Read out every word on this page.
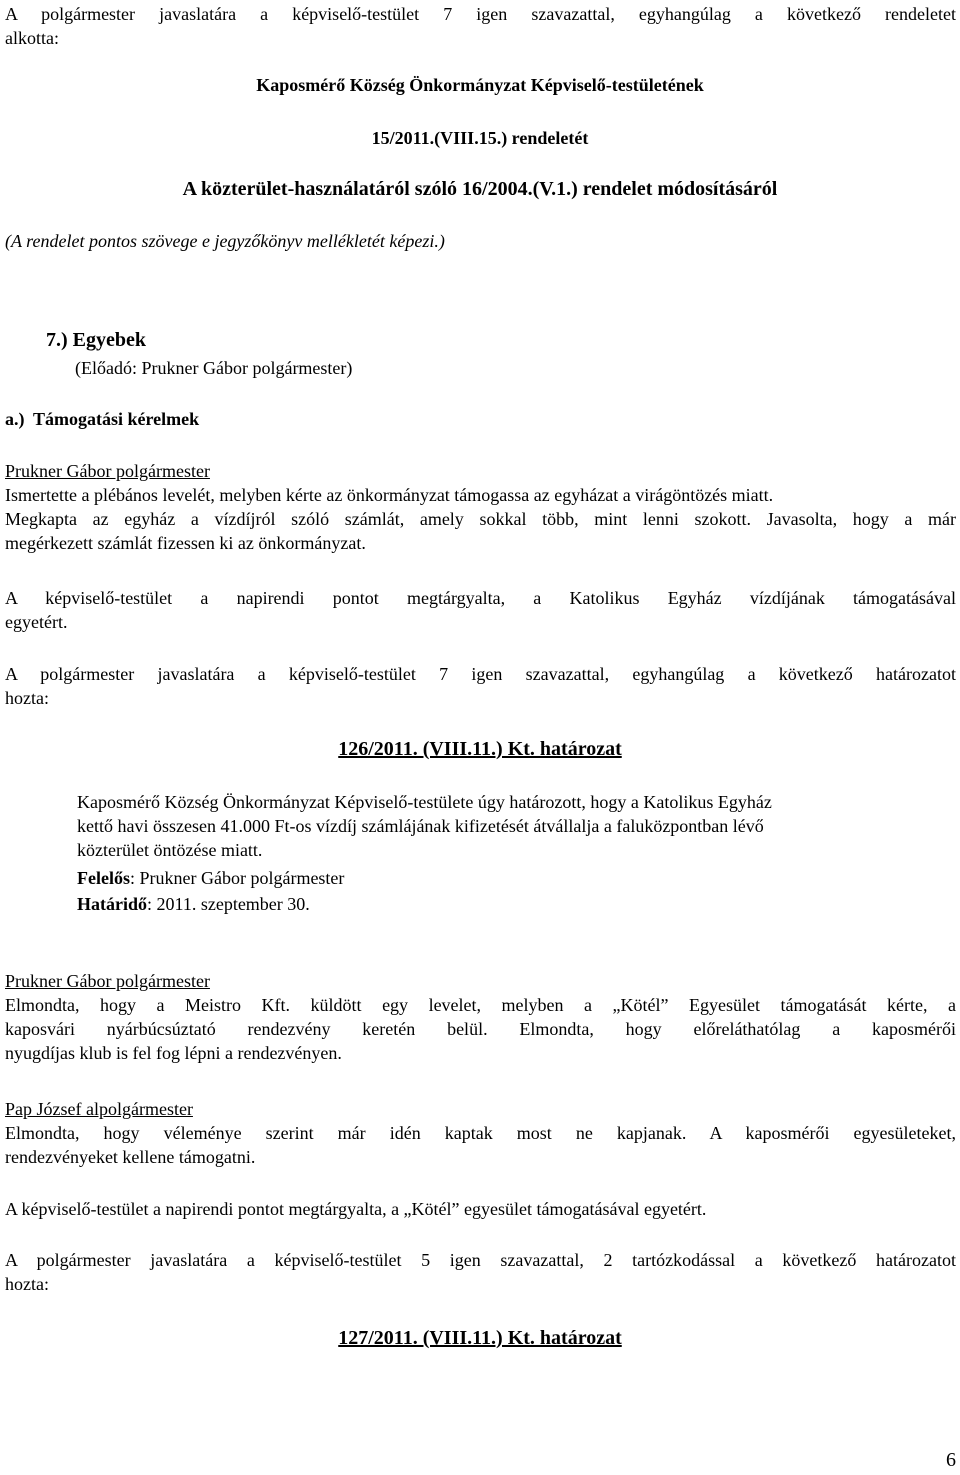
A polgármester javaslatára a képviselő-testület 7 igen szavazattal, egyhangúlag a következő rendeletet
alkotta:
Kaposmérő Község Önkormányzat Képviselő-testületének
15/2011.(VIII.15.) rendeletét
A közterület-használatáról szóló 16/2004.(V.1.) rendelet módosításáról
(A rendelet pontos szövege e jegyzőkönyv mellékletét képezi.)
7.) Egyebek
(Előadó: Prukner Gábor polgármester)
a.) Támogatási kérelmek
Prukner Gábor polgármester
Ismertette a plébános levelét, melyben kérte az önkormányzat támogassa az egyházat a virágöntözés miatt.
Megkapta az egyház a vízdíjról szóló számlát, amely sokkal több, mint lenni szokott. Javasolta, hogy a már
megérkezett számlát fizessen ki az önkormányzat.
A képviselő-testület a napirendi pontot megtárgyalta, a Katolikus Egyház vízdíjának támogatásával
egyetért.
A polgármester javaslatára a képviselő-testület 7 igen szavazattal, egyhangúlag a következő határozatot
hozta:
126/2011. (VIII.11.) Kt. határozat
Kaposmérő Község Önkormányzat Képviselő-testülete úgy határozott, hogy a Katolikus Egyház
kettő havi összesen 41.000 Ft-os vízdíj számlájának kifizetését átvállalja a faluközpontban lévő
közterület öntözése miatt.
Felelős: Prukner Gábor polgármester
Határidő: 2011. szeptember 30.
Prukner Gábor polgármester
Elmondta, hogy a Meistro Kft. küldött egy levelet, melyben a „Kötél” Egyesület támogatását kérte, a
kaposvári nyárbúcsúztató rendezvény keretén belül. Elmondta, hogy előreláthatólag a kaposmérői
nyugdíjas klub is fel fog lépni a rendezvényen.
Pap József alpolgármester
Elmondta, hogy véleménye szerint már idén kaptak most ne kapjanak. A kaposmérői egyesületeket,
rendezvényeket kellene támogatni.
A képviselő-testület a napirendi pontot megtárgyalta, a „Kötél” egyesület támogatásával egyetért.
A polgármester javaslatára a képviselő-testület 5 igen szavazattal, 2 tartózkodással a következő határozatot
hozta:
127/2011. (VIII.11.) Kt. határozat
6
